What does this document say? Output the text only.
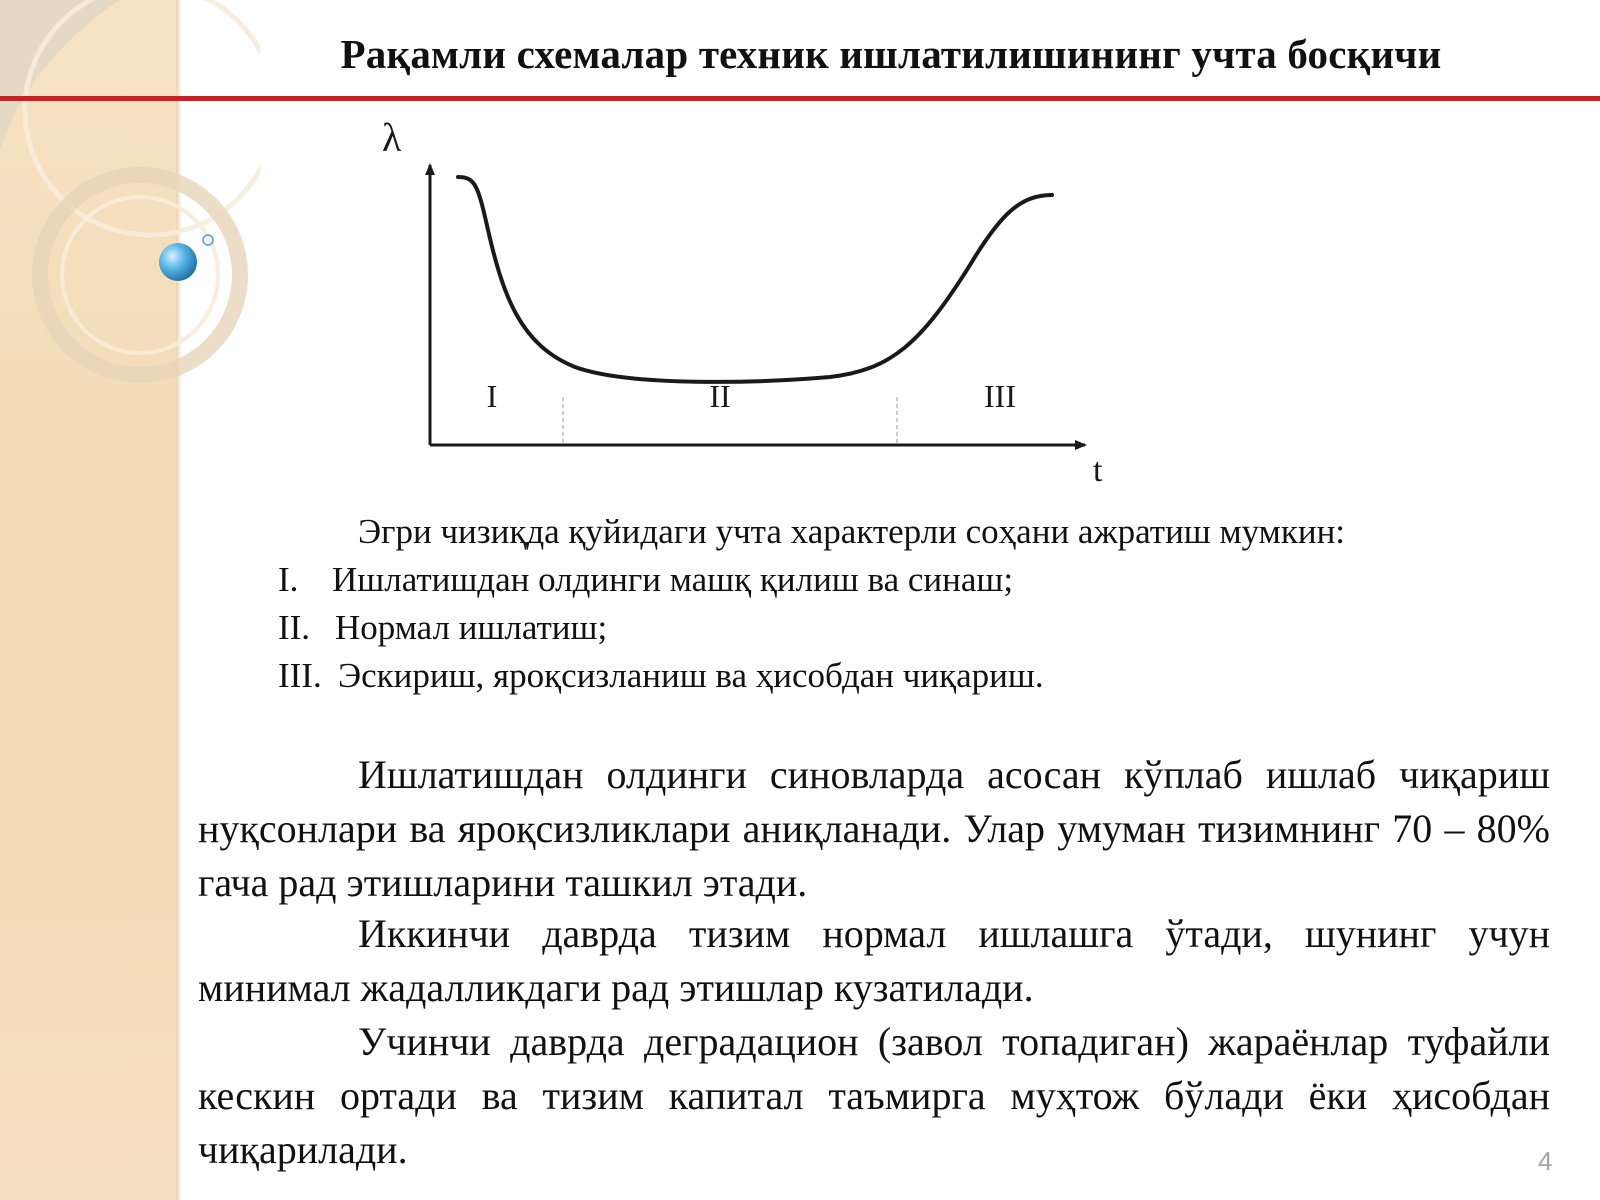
Рақамли схемалар техник ишлатилишининг учта босқичи
λ
t
I	II	III
Эгри чизиқда қуйидаги учта характерли соҳани ажратиш мумкин:
I. Ишлатишдан олдинги машқ қилиш ва синаш;
II. Нормал ишлатиш;
III. Эскириш, яроқсизланиш ва ҳисобдан чиқариш.

Ишлатишдан олдинги синовларда асосан кўплаб ишлаб чиқариш нуқсонлари ва яроқсизликлари аниқланади. Улар умуман тизимнинг 70 – 80% гача рад этишларини ташкил этади.

Иккинчи даврда тизим нормал ишлашга ўтади, шунинг учун минимал жадалликдаги рад этишлар кузатилади.

Учинчи даврда деградацион (завол топадиган) жараёнлар туфайли кескин ортади ва тизим капитал таъмирга муҳтож бўлади ёки ҳисобдан чиқарилади.	4
